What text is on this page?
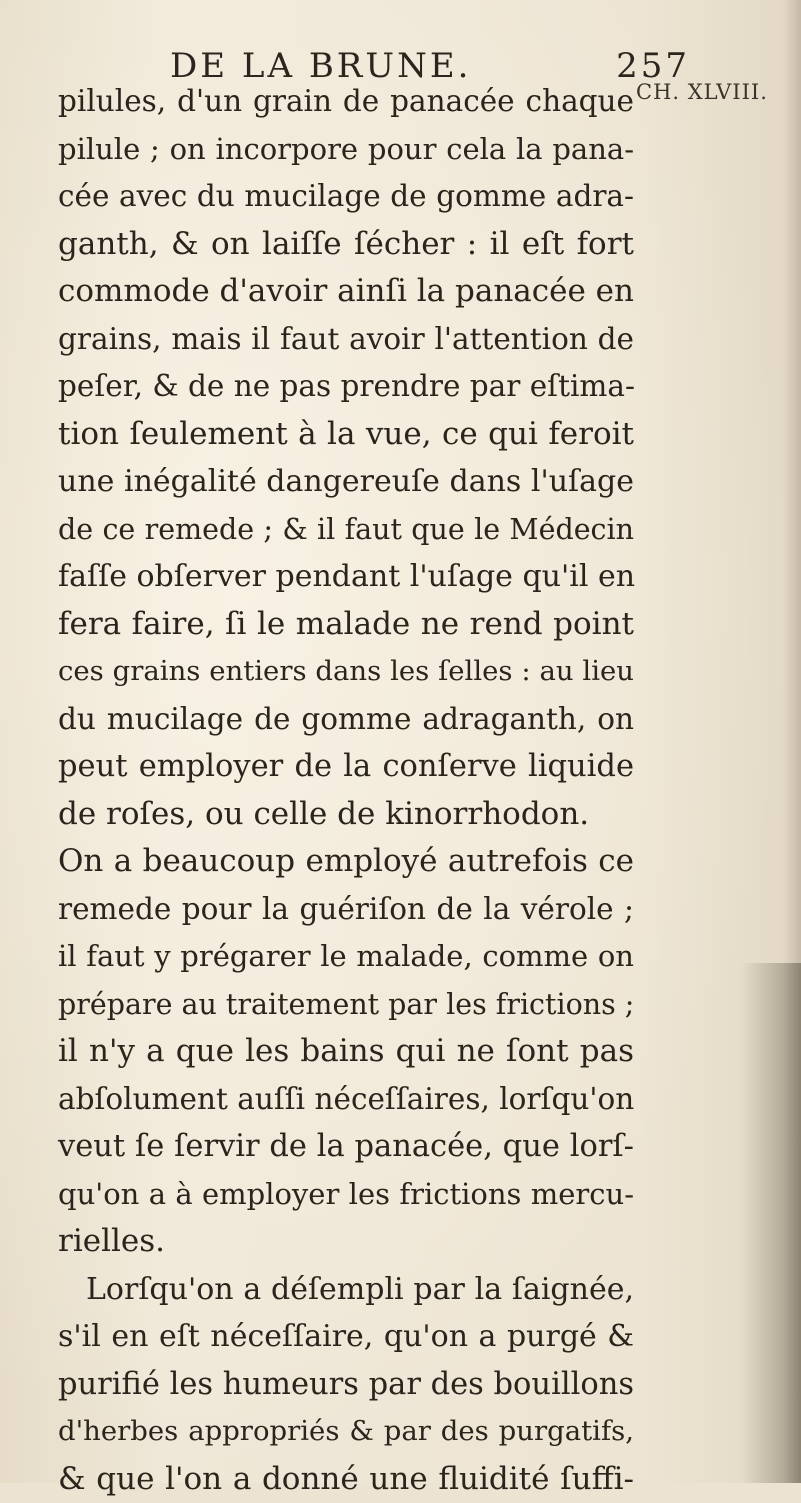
DE LA BRUNE.	257
CH. XLVIII.
pilules, d'un grain de panacée chaque
pilule ; on incorpore pour cela la pana-
cée avec du mucilage de gomme adra-
ganth, & on laiſſe ſécher : il eſt fort
commode d'avoir ainſi la panacée en
grains, mais il faut avoir l'attention de
peſer, & de ne pas prendre par eſtima-
tion ſeulement à la vue, ce qui feroit
une inégalité dangereuſe dans l'uſage
de ce remede ; & il faut que le Médecin
faſſe obſerver pendant l'uſage qu'il en
fera faire, ſi le malade ne rend point
ces grains entiers dans les ſelles : au lieu
du mucilage de gomme adraganth, on
peut employer de la conſerve liquide
de roſes, ou celle de kinorrhodon.
On a beaucoup employé autrefois ce
remede pour la guériſon de la vérole ;
il faut y prégarer le malade, comme on
prépare au traitement par les frictions ;
il n'y a que les bains qui ne ſont pas
abſolument auſſi néceſſaires, lorſqu'on
veut ſe ſervir de la panacée, que lorſ-
qu'on a à employer les frictions mercu-
rielles.
Lorſqu'on a déſempli par la ſaignée,
s'il en eſt néceſſaire, qu'on a purgé &
purifié les humeurs par des bouillons
d'herbes appropriés & par des purgatifs,
& que l'on a donné une fluidité ſuffi-
